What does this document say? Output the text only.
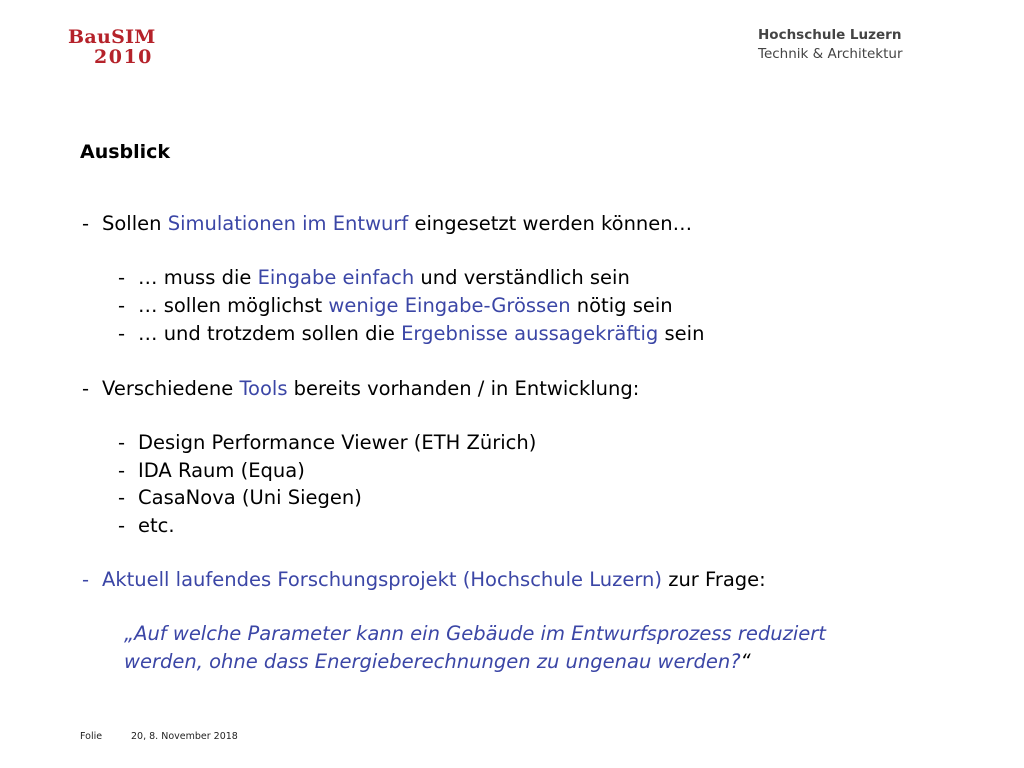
BauSIM
2010
Hochschule Luzern
Technik & Architektur
Ausblick
- Sollen Simulationen im Entwurf eingesetzt werden können…
- … muss die Eingabe einfach und verständlich sein
- … sollen möglichst wenige Eingabe-Grössen nötig sein
- … und trotzdem sollen die Ergebnisse aussagekräftig sein
- Verschiedene Tools bereits vorhanden / in Entwicklung:
- Design Performance Viewer (ETH Zürich)
- IDA Raum (Equa)
- CasaNova (Uni Siegen)
- etc.
- Aktuell laufendes Forschungsprojekt (Hochschule Luzern) zur Frage:
„Auf welche Parameter kann ein Gebäude im Entwurfsprozess reduziert
werden, ohne dass Energieberechnungen zu ungenau werden?“
Folie	20, 8. November 2018
